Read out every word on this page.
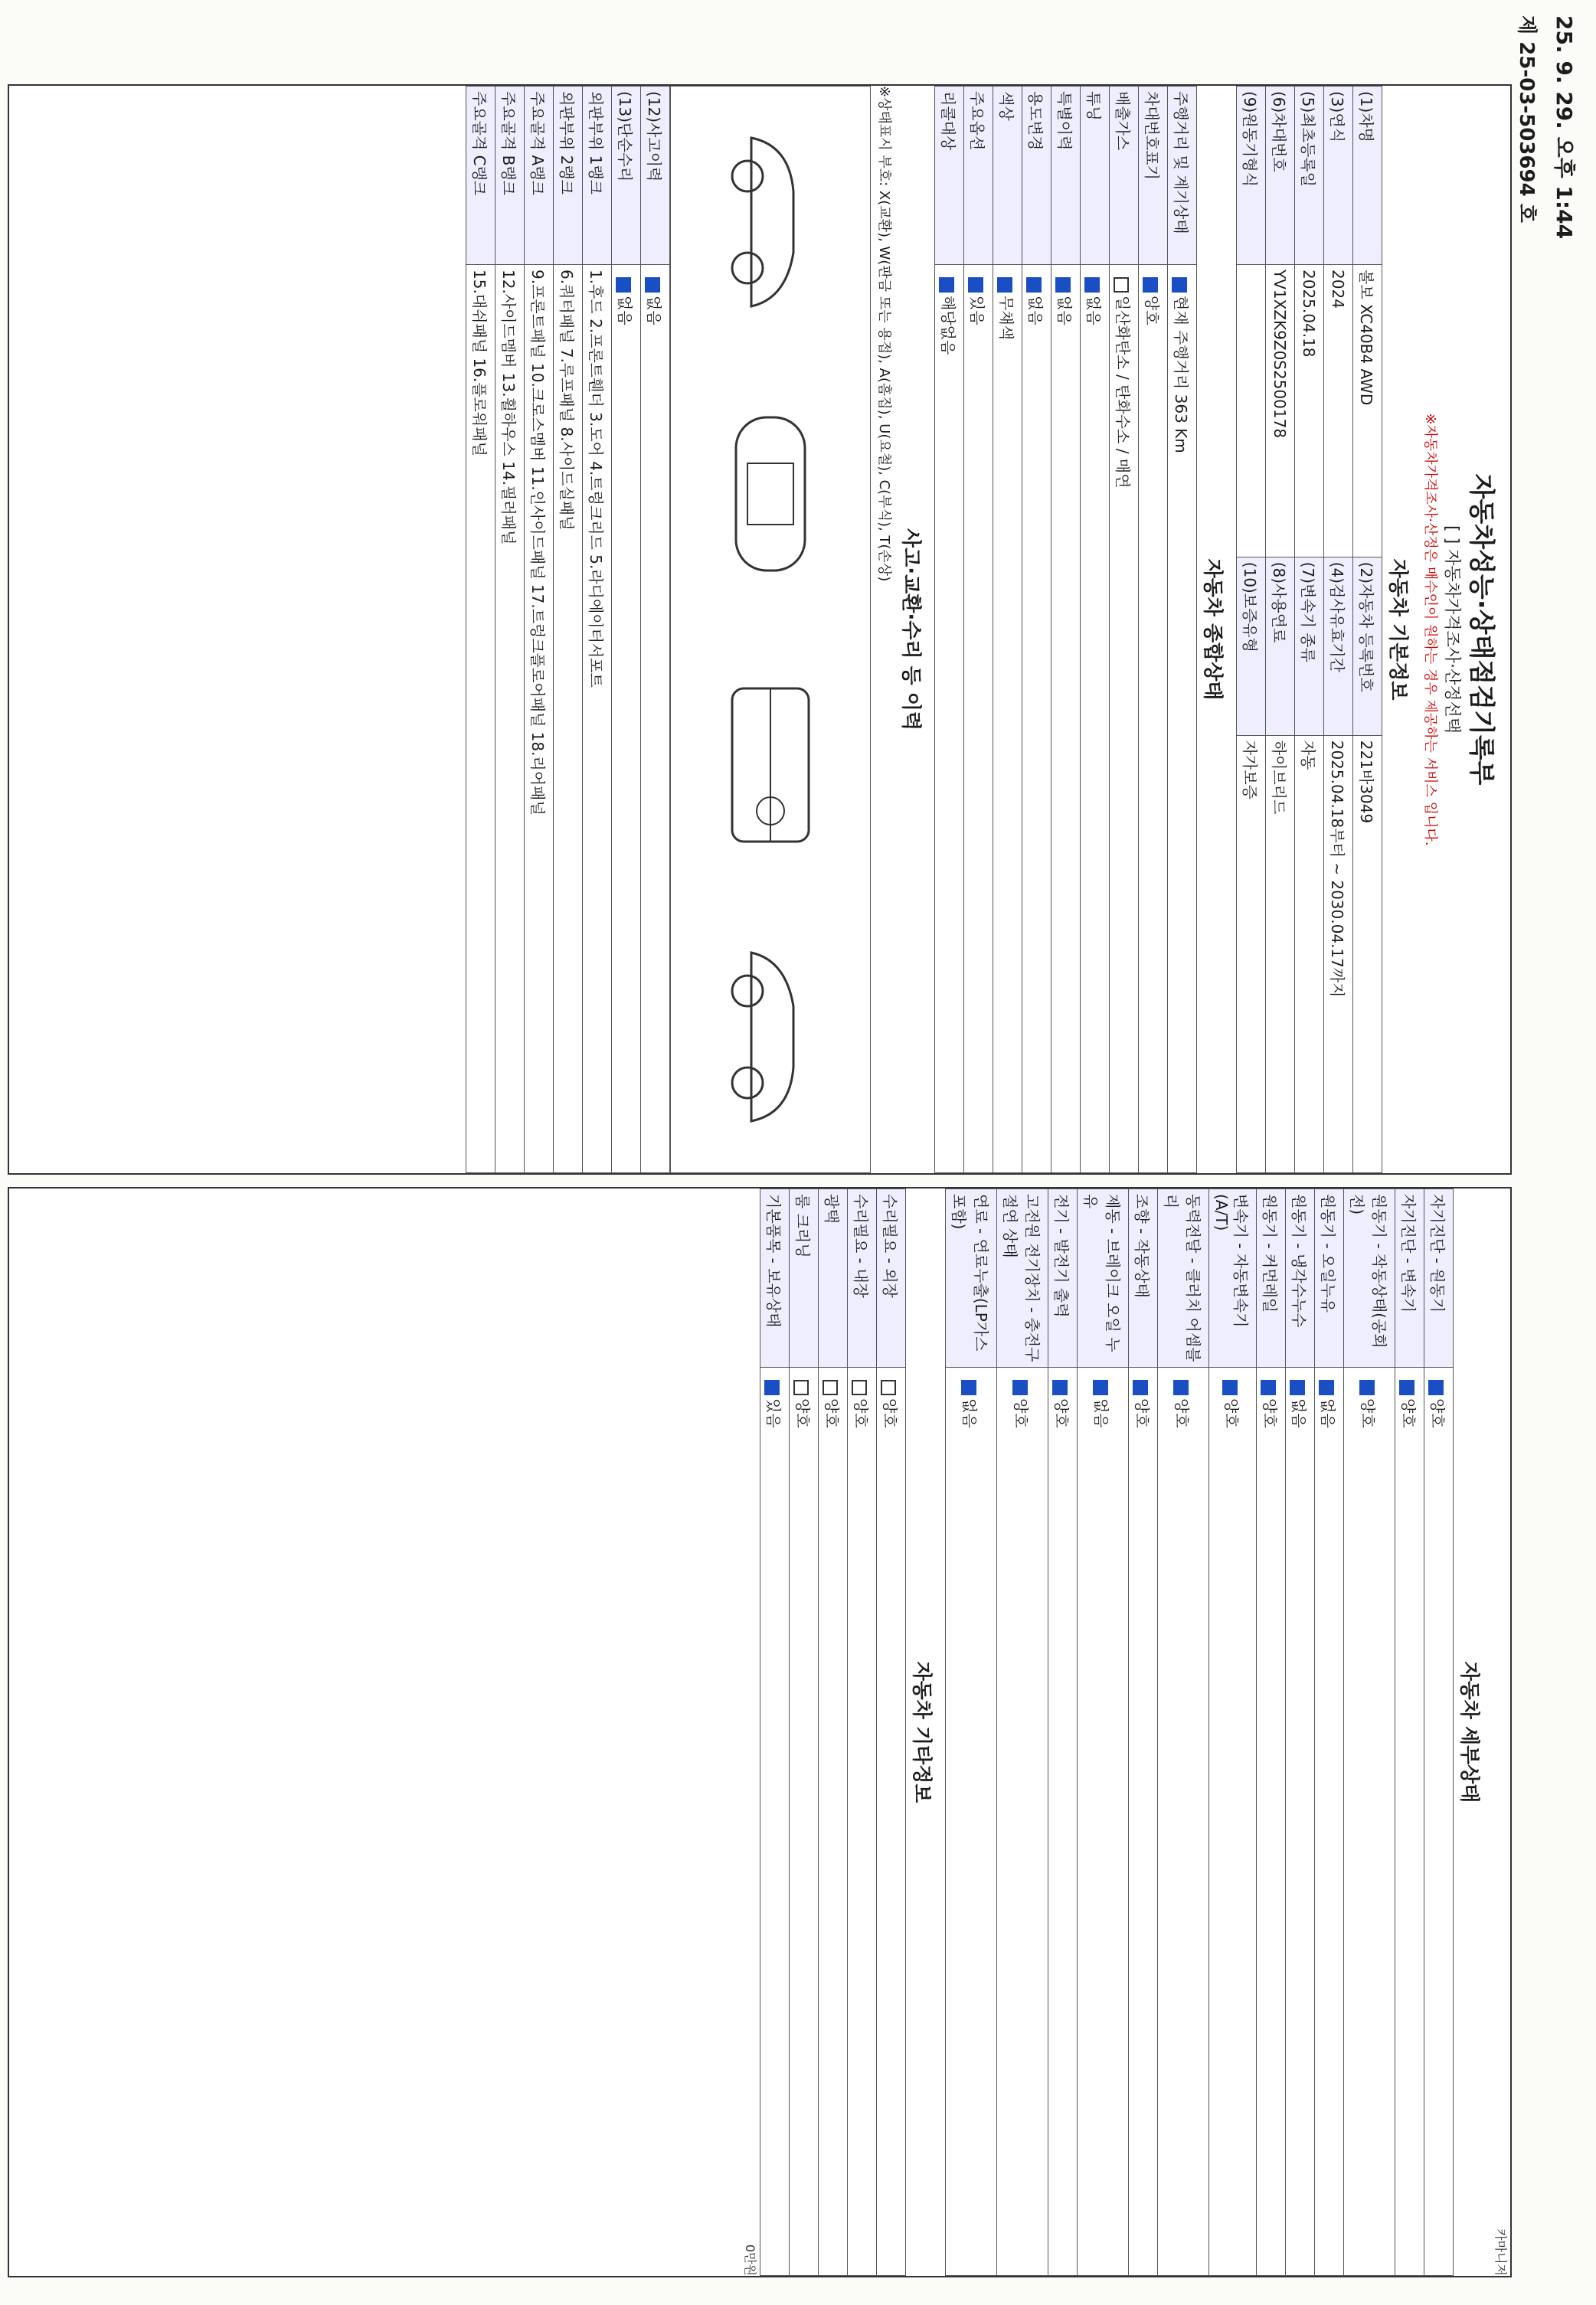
25. 9. 29. 오후 1:44
제 25-03-503694 호
자동차성능·상태점검기록부
[ ] 자동차가격조사·산정선택
※자동차가격조사·산정은 매수인이 원하는 경우 제공하는 서비스 입니다.
자동차 기본정보
(1)차명	볼보 XC40B4 AWD	(2)자동차 등록번호	221바3049
(3)연식	2024	(4)검사유효기간	2025.04.18부터 ~ 2030.04.17까지
(5)최초등록일	2025.04.18	(7)변속기 종류	자동
(6)차대번호	YV1XZK9Z0S2500178	(8)사용연료	하이브리드
(9)원동기형식		(10)보증유형	자가보증
자동차 종합상태
주행거리 및 계기상태	현재 주행거리 363 Km
차대번호표기	양호
배출가스	일산화탄소 / 탄화수소 / 매연
튜닝	없음
특별이력	없음
용도변경	없음
색상	무채색
주요옵션	있음
리콜대상	해당없음
사고·교환·수리 등 이력
※상태표시 부호: X(교환), W(판금 또는 용접), A(흠집), U(요철), C(부식), T(손상)
(12)사고이력	없음
(13)단순수리	없음
외판부위 1랭크	1.후드 2.프론트휀더 3.도어 4.트렁크리드 5.라디에이터서포트
외판부위 2랭크	6.쿼터패널 7.루프패널 8.사이드실패널
주요골격 A랭크	9.프론트패널 10.크로스멤버 11.인사이드패널 17.트렁크플로어패널 18.리어패널
주요골격 B랭크	12.사이드멤버 13.휠하우스 14.필러패널
주요골격 C랭크	15.대쉬패널 16.플로워패널
카마니저
자동차 세부상태
자기진단 - 원동기	양호
자기진단 - 변속기	양호
원동기 - 작동상태(공회전)	양호
원동기 - 오일누유	없음
원동기 - 냉각수누수	없음
원동기 - 커먼레일	양호
변속기 - 자동변속기(A/T)	양호
동력전달 - 클러치 어셈블리	양호
조향 - 작동상태	양호
제동 - 브레이크 오일 누유	없음
전기 - 발전기 출력	양호
고전원 전기장치 - 충전구 절연 상태	양호
연료 - 연료누출(LP가스포함)	없음
자동차 기타정보
수리필요 - 외장	양호
수리필요 - 내장	양호
광택	양호
룸 크리닝	양호
기본품목 - 보유상태	있음
0만원
